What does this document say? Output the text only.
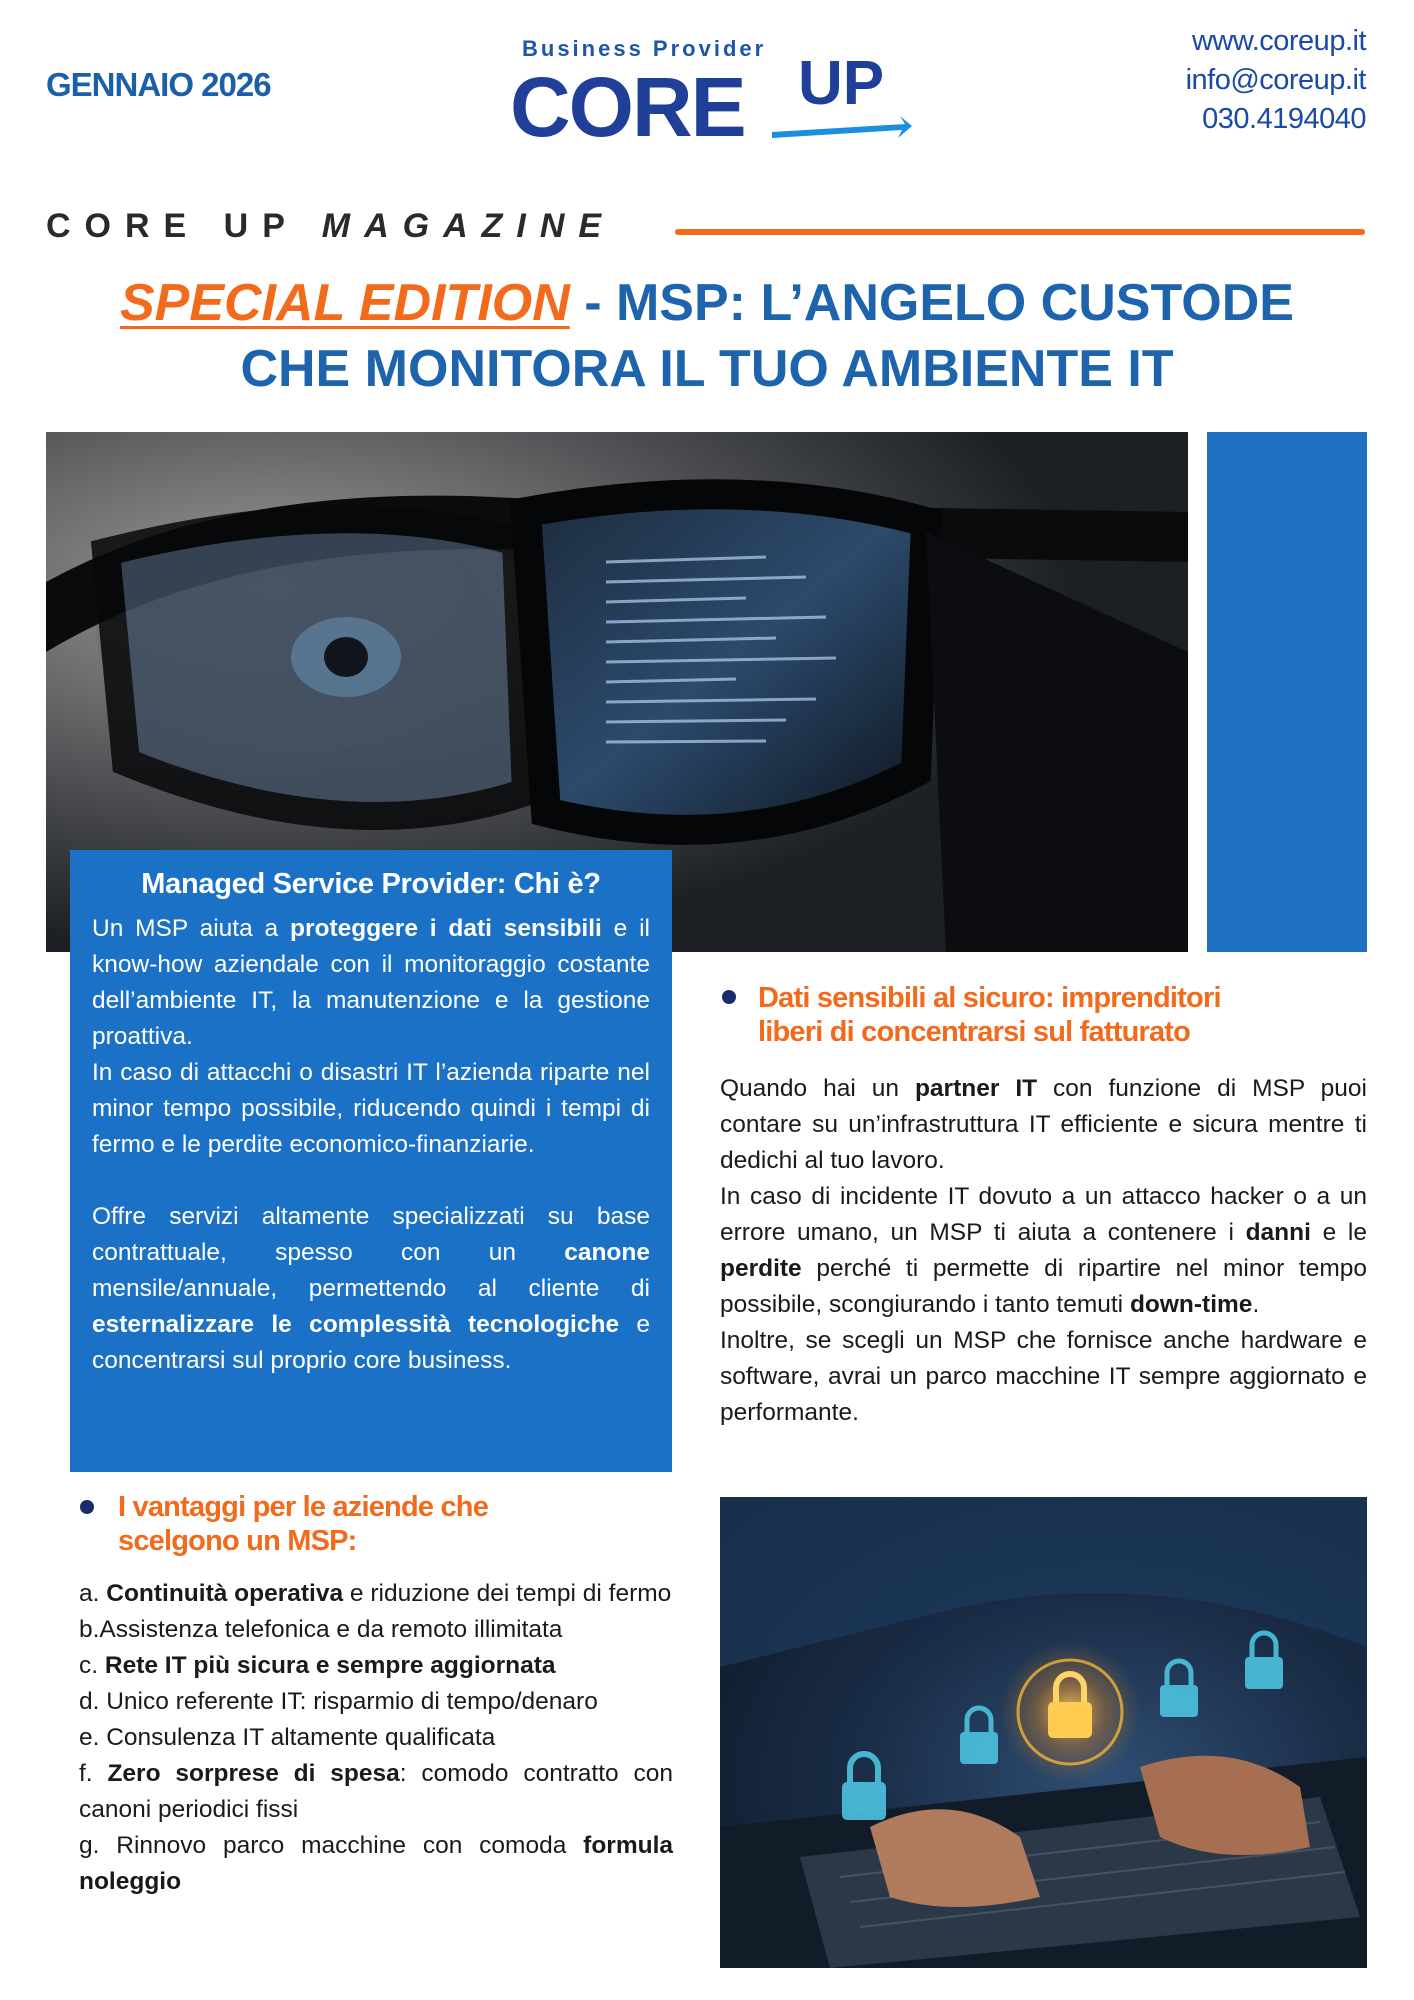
GENNAIO 2026
Business Provider
CORE UP
www.coreup.it
info@coreup.it
030.4194040
CORE UP MAGAZINE
SPECIAL EDITION - MSP: L’ANGELO CUSTODE
CHE MONITORA IL TUO AMBIENTE IT
Managed Service Provider: Chi è?

Un MSP aiuta a proteggere i dati sensibili e il know-how aziendale con il monitoraggio costante dell’ambiente IT, la manutenzione e la gestione proattiva.

In caso di attacchi o disastri IT l’azienda riparte nel minor tempo possibile, riducendo quindi i tempi di fermo e le perdite economico-finanziarie.

Offre servizi altamente specializzati su base contrattuale, spesso con un canone mensile/annuale, permettendo al cliente di esternalizzare le complessità tecnologiche e concentrarsi sul proprio core business.

Dati sensibili al sicuro: imprenditori
liberi di concentrarsi sul fatturato
Quando hai un partner IT con funzione di MSP puoi contare su un’infrastruttura IT efficiente e sicura mentre ti dedichi al tuo lavoro.
In caso di incidente IT dovuto a un attacco hacker o a un errore umano, un MSP ti aiuta a contenere i danni e le perdite perché ti permette di ripartire nel minor tempo possibile, scongiurando i tanto temuti down-time.
Inoltre, se scegli un MSP che fornisce anche hardware e software, avrai un parco macchine IT sempre aggiornato e performante.
I vantaggi per le aziende che
scelgono un MSP:
a. Continuità operativa e riduzione dei tempi di fermo
b.Assistenza telefonica e da remoto illimitata
c. Rete IT più sicura e sempre aggiornata
d. Unico referente IT: risparmio di tempo/denaro
e. Consulenza IT altamente qualificata
f. Zero sorprese di spesa: comodo contratto con canoni periodici fissi
g. Rinnovo parco macchine con comoda formula noleggio
